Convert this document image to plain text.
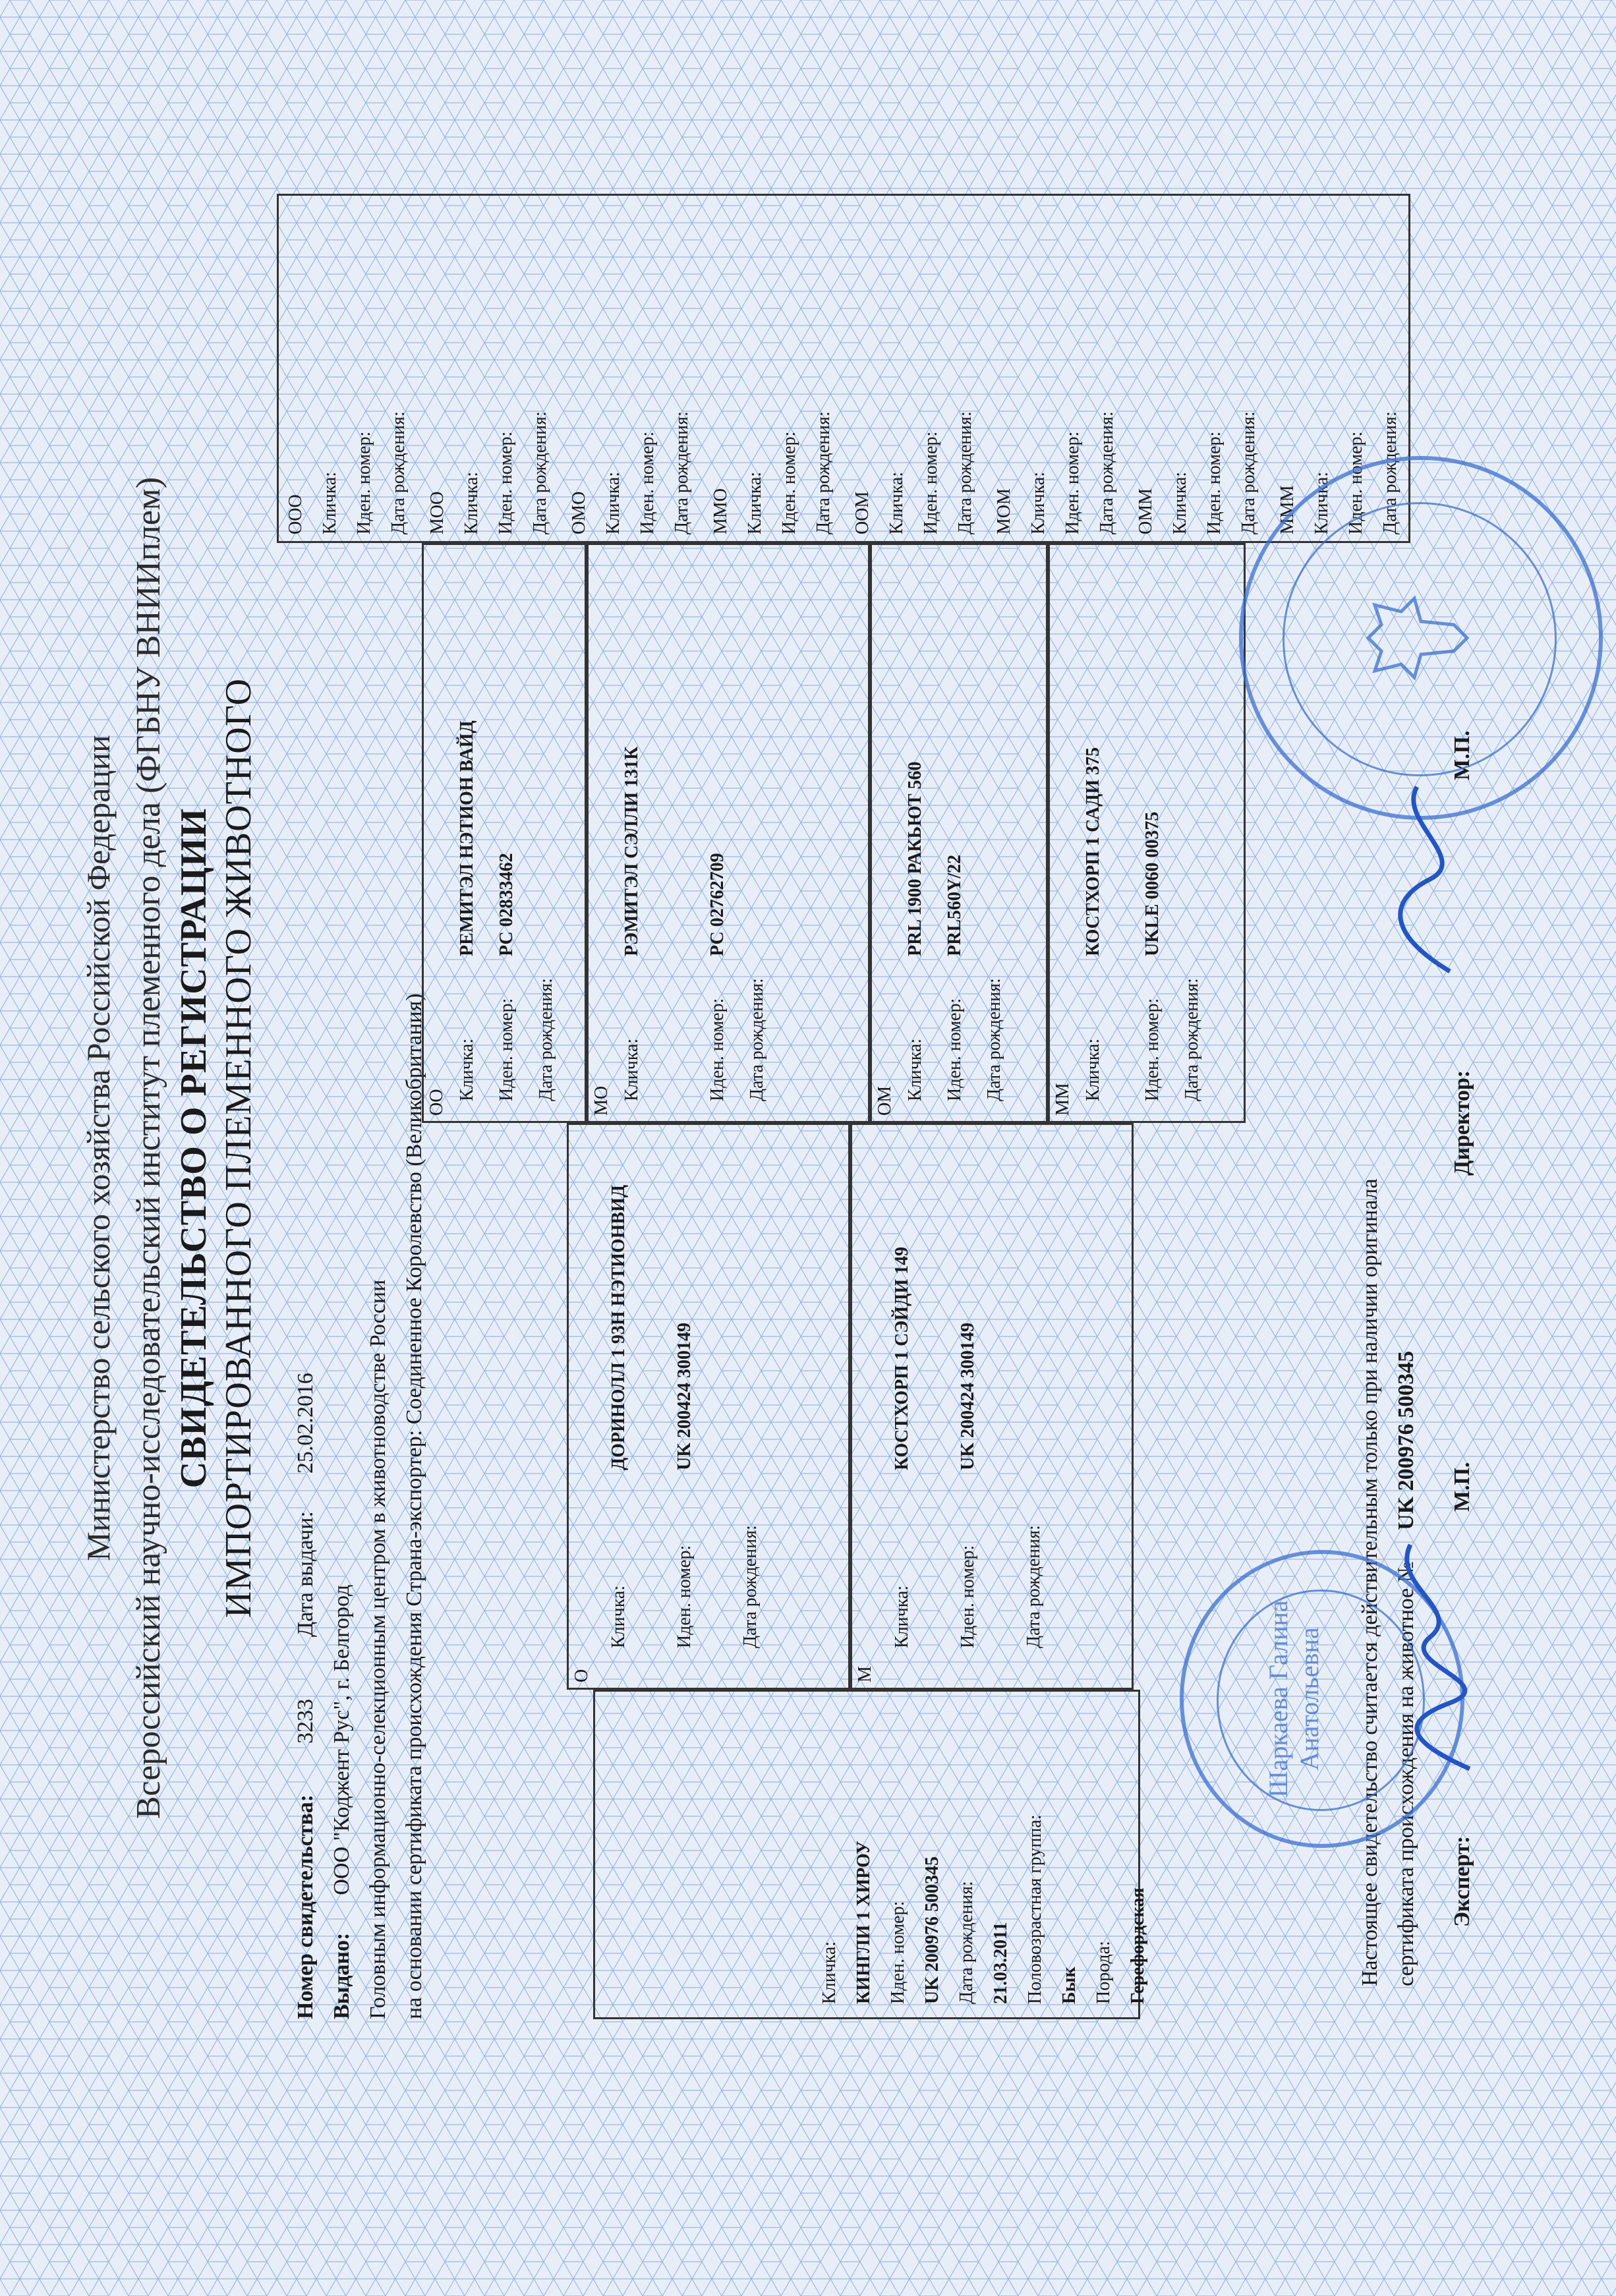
Министерство сельского хозяйства Российской Федерации Всероссийский научно-исследовательский институт племенного дела (ФГБНУ ВНИИплем) СВИДЕТЕЛЬСТВО О РЕГИСТРАЦИИ ИМПОРТИРОВАННОГО ПЛЕМЕННОГО ЖИВОТНОГО
Номер свидетельства:  3233
Дата выдачи:  25.02.2016
Выдано:  ООО "Коджент Рус", г. Белгород Головным информационно-селекционным центром в животноводстве России на основании сертификата происхождения Страна-экспортер: Соединенное Королевство (Великобритания)	Кличка: КИНГЛИ 1 ХИРОУ Иден. номер: UK 200976 500345 Дата рождения: 21.03.2011 Половозрастная группа: Бык Порода: Герефордская
О
Кличка:
ДОРИНОЛЛ 1 93Н НЭТИОНВИД
Иден. номер:
UK 200424 300149
Дата рождения:
М
Кличка:
КОСТХОРП 1 СЭЙДИ 149
Иден. номер:
UK 200424 300149
Дата рождения:
ОО
Кличка:
РЕМИТЭЛ НЭТИОН ВАЙД
Иден. номер:
РС 02833462
Дата рождения: МО Кличка:
РЭМИТЭЛ СЭЛЛИ 131К
Иден. номер:
РС 02762709
Дата рождения:	ОМ Кличка:
PRL 1900 РАКЬЮТ 560
Иден. номер:
PRL560Y/22
Дата рождения:	ММ Кличка:
КОСТХОРП 1 САДИ 375
Иден. номер:
UKLE 0060 00375
Дата рождения:
ООО Кличка: Иден. номер: Дата рождения:	МОО Кличка: Иден. номер: Дата рождения:	ОМО Кличка: Иден. номер: Дата рождения:	ММО Кличка: Иден. номер: Дата рождения:	ООМ Кличка: Иден. номер: Дата рождения:	МОМ Кличка: Иден. номер: Дата рождения:	ОММ Кличка: Иден. номер: Дата рождения:	МММ Кличка: Иден. номер: Дата рождения:
Настоящее свидетельство считается действительным только при наличии оригинала сертификата происхождения на животное №  UK 200976 500345
Эксперт:
М.П.
Директор:
М.П.
Шаркаева Галина Анатольевна
